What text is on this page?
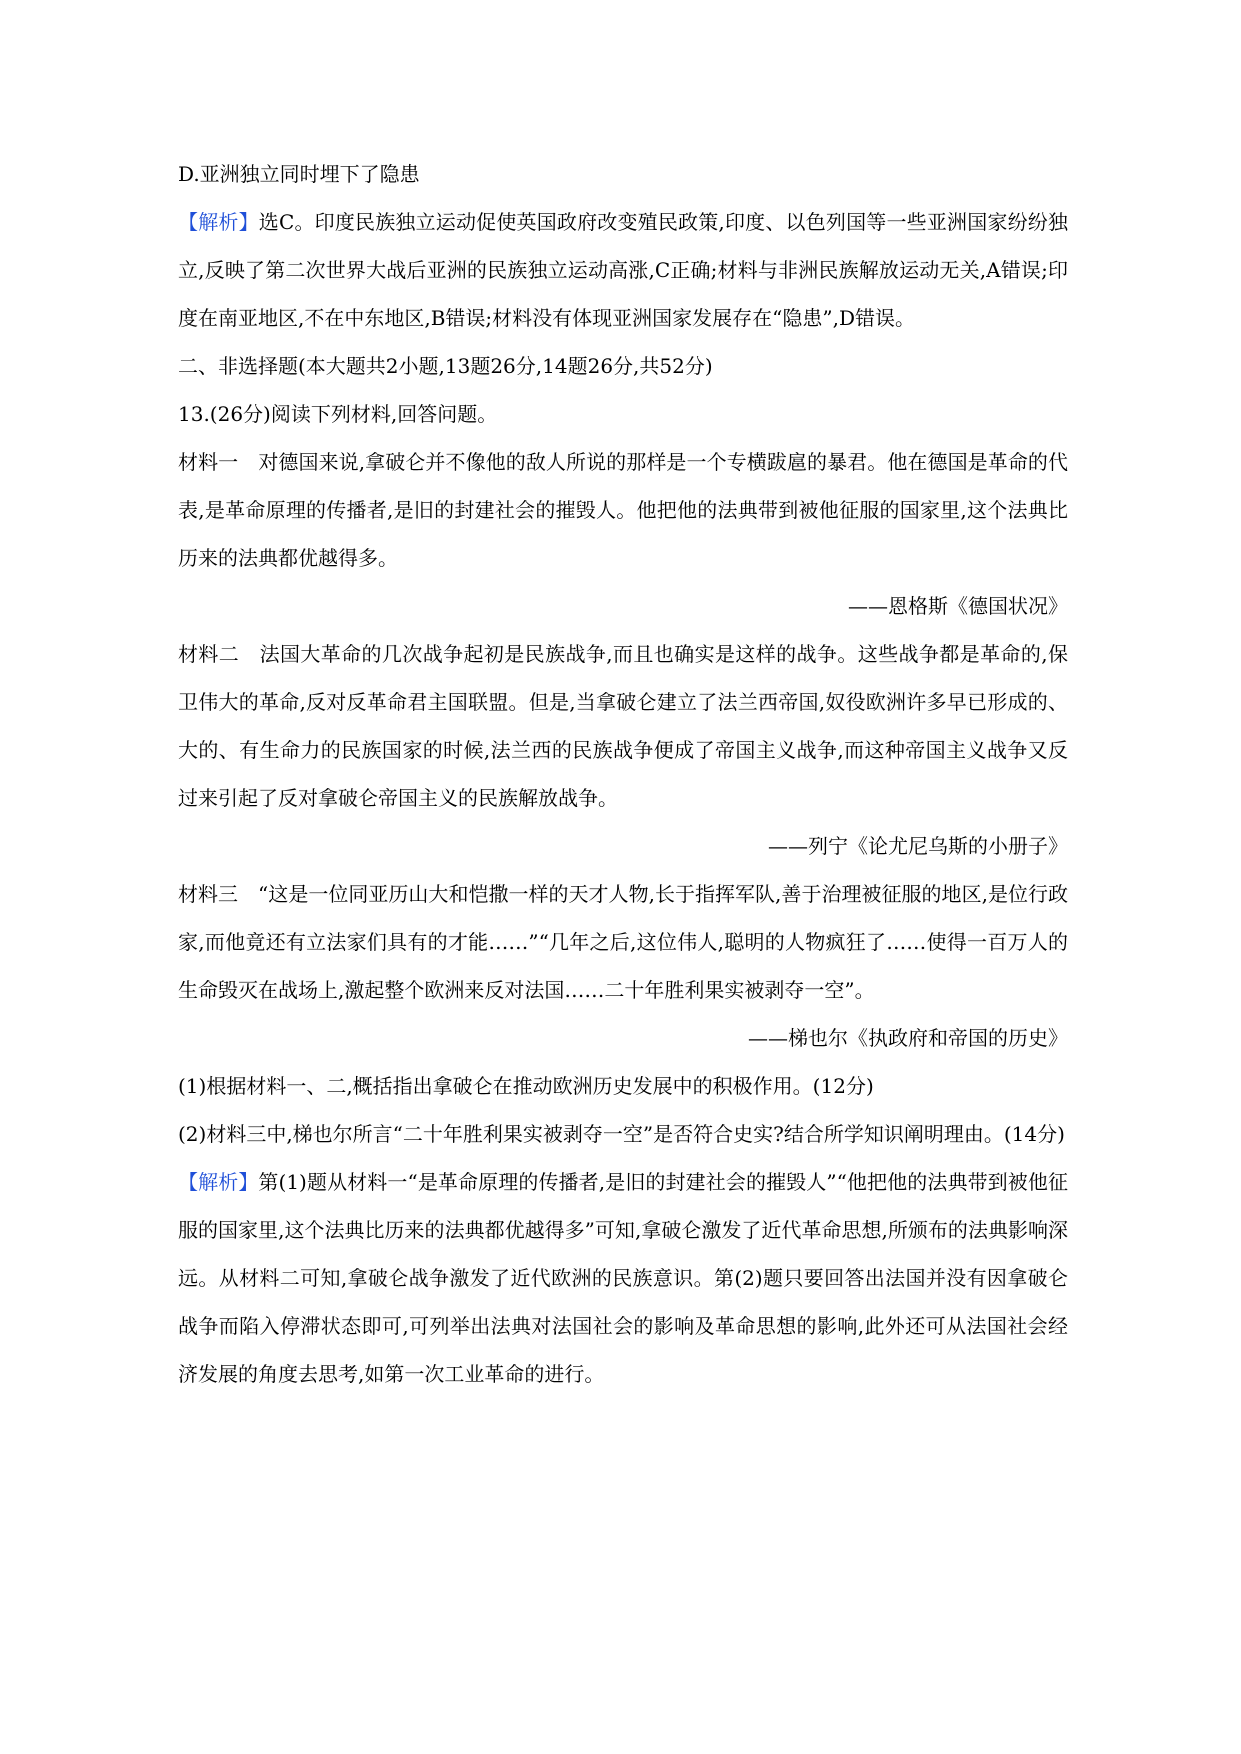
D.亚洲独立同时埋下了隐患

【解析】选C。印度民族独立运动促使英国政府改变殖民政策,印度、以色列国等一些亚洲国家纷纷独立,反映了第二次世界大战后亚洲的民族独立运动高涨,C正确;材料与非洲民族解放运动无关,A错误;印度在南亚地区,不在中东地区,B错误;材料没有体现亚洲国家发展存在“隐患”,D错误。

二、非选择题(本大题共2小题,13题26分,14题26分,共52分)

13.(26分)阅读下列材料,回答问题。

材料一　对德国来说,拿破仑并不像他的敌人所说的那样是一个专横跋扈的暴君。他在德国是革命的代表,是革命原理的传播者,是旧的封建社会的摧毁人。他把他的法典带到被他征服的国家里,这个法典比历来的法典都优越得多。

——恩格斯《德国状况》

材料二　法国大革命的几次战争起初是民族战争,而且也确实是这样的战争。这些战争都是革命的,保卫伟大的革命,反对反革命君主国联盟。但是,当拿破仑建立了法兰西帝国,奴役欧洲许多早已形成的、大的、有生命力的民族国家的时候,法兰西的民族战争便成了帝国主义战争,而这种帝国主义战争又反过来引起了反对拿破仑帝国主义的民族解放战争。

——列宁《论尤尼乌斯的小册子》

材料三　“这是一位同亚历山大和恺撒一样的天才人物,长于指挥军队,善于治理被征服的地区,是位行政家,而他竟还有立法家们具有的才能……”“几年之后,这位伟人,聪明的人物疯狂了……使得一百万人的生命毁灭在战场上,激起整个欧洲来反对法国……二十年胜利果实被剥夺一空”。

——梯也尔《执政府和帝国的历史》

(1)根据材料一、二,概括指出拿破仑在推动欧洲历史发展中的积极作用。(12分)

(2)材料三中,梯也尔所言“二十年胜利果实被剥夺一空”是否符合史实?结合所学知识阐明理由。(14分)

【解析】第(1)题从材料一“是革命原理的传播者,是旧的封建社会的摧毁人”“他把他的法典带到被他征服的国家里,这个法典比历来的法典都优越得多”可知,拿破仑激发了近代革命思想,所颁布的法典影响深远。从材料二可知,拿破仑战争激发了近代欧洲的民族意识。第(2)题只要回答出法国并没有因拿破仑战争而陷入停滞状态即可,可列举出法典对法国社会的影响及革命思想的影响,此外还可从法国社会经济发展的角度去思考,如第一次工业革命的进行。
